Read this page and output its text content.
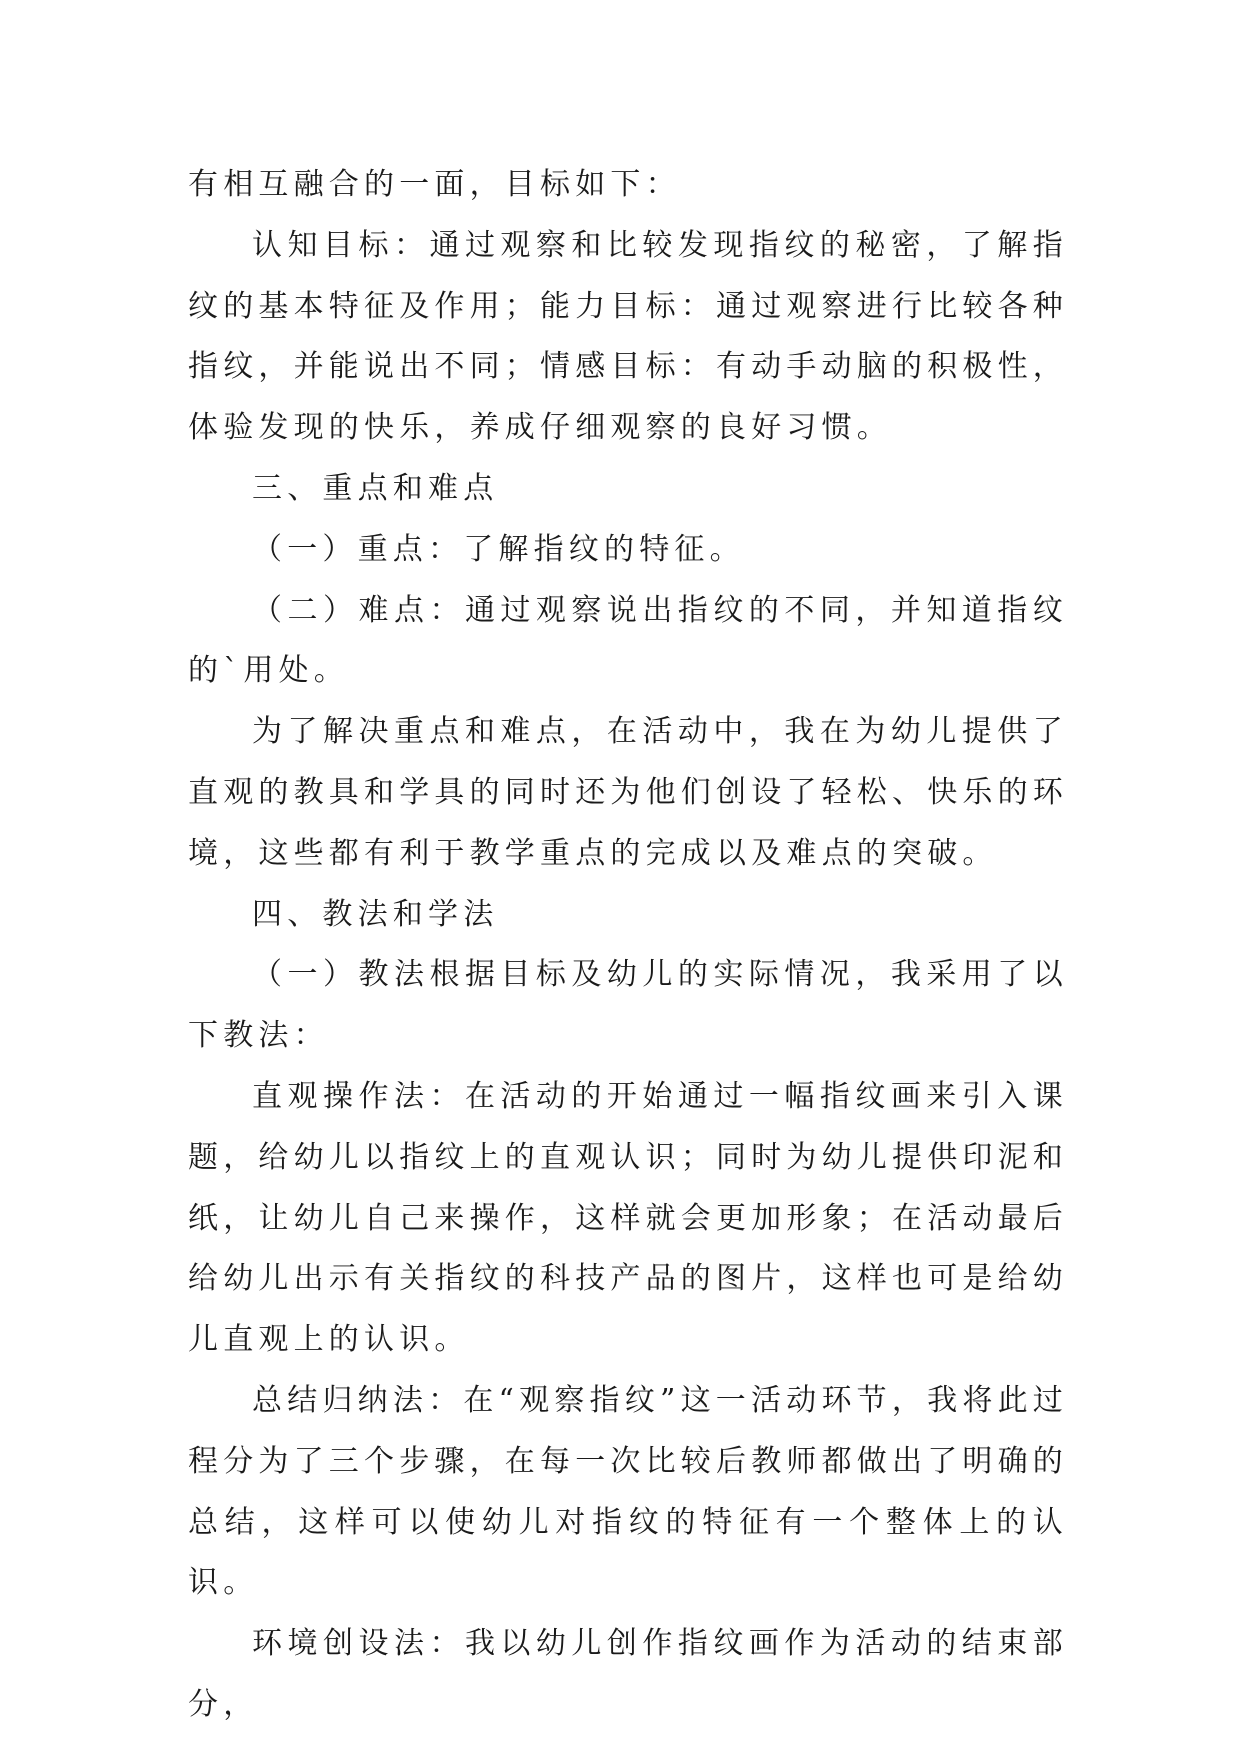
有相互融合的一面，目标如下：

认知目标：通过观察和比较发现指纹的秘密，了解指纹的基本特征及作用；能力目标：通过观察进行比较各种指纹，并能说出不同；情感目标：有动手动脑的积极性，体验发现的快乐，养成仔细观察的良好习惯。

三、重点和难点

（一）重点：了解指纹的特征。

（二）难点：通过观察说出指纹的不同，并知道指纹的`用处。

为了解决重点和难点，在活动中，我在为幼儿提供了直观的教具和学具的同时还为他们创设了轻松、快乐的环境，这些都有利于教学重点的完成以及难点的突破。

四、教法和学法

（一）教法根据目标及幼儿的实际情况，我采用了以下教法：

直观操作法：在活动的开始通过一幅指纹画来引入课题，给幼儿以指纹上的直观认识；同时为幼儿提供印泥和纸，让幼儿自己来操作，这样就会更加形象；在活动最后给幼儿出示有关指纹的科技产品的图片，这样也可是给幼儿直观上的认识。

总结归纳法：在“观察指纹”这一活动环节，我将此过程分为了三个步骤，在每一次比较后教师都做出了明确的总结，这样可以使幼儿对指纹的特征有一个整体上的认识。

环境创设法：我以幼儿创作指纹画作为活动的结束部分，
